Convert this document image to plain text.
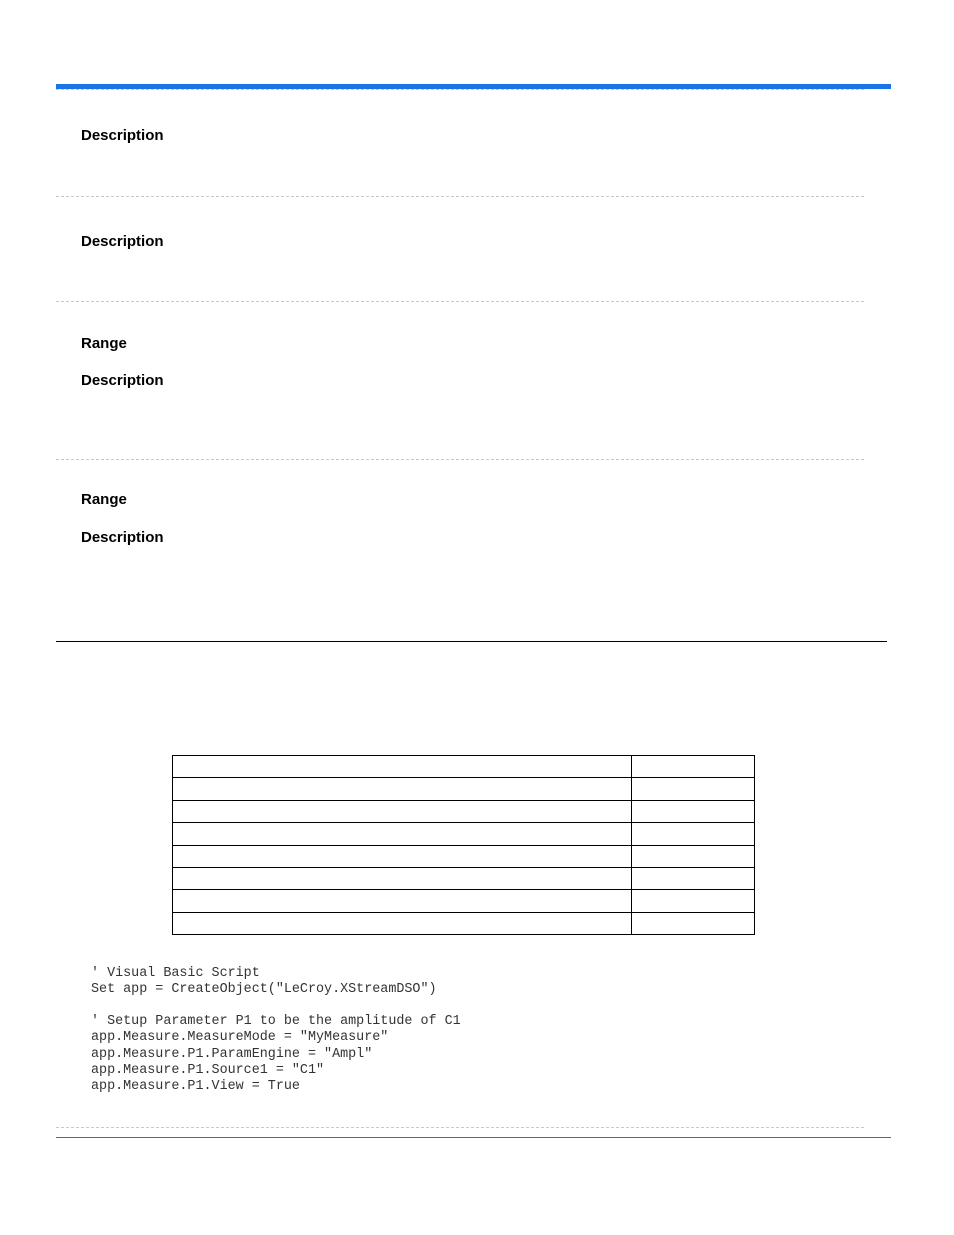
Description
Description
Range
Description
Range
Description

' Visual Basic Script
Set app = CreateObject("LeCroy.XStreamDSO")
' Setup Parameter P1 to be the amplitude of C1
app.Measure.MeasureMode = "MyMeasure"
app.Measure.P1.ParamEngine = "Ampl"
app.Measure.P1.Source1 = "C1"
app.Measure.P1.View = True
